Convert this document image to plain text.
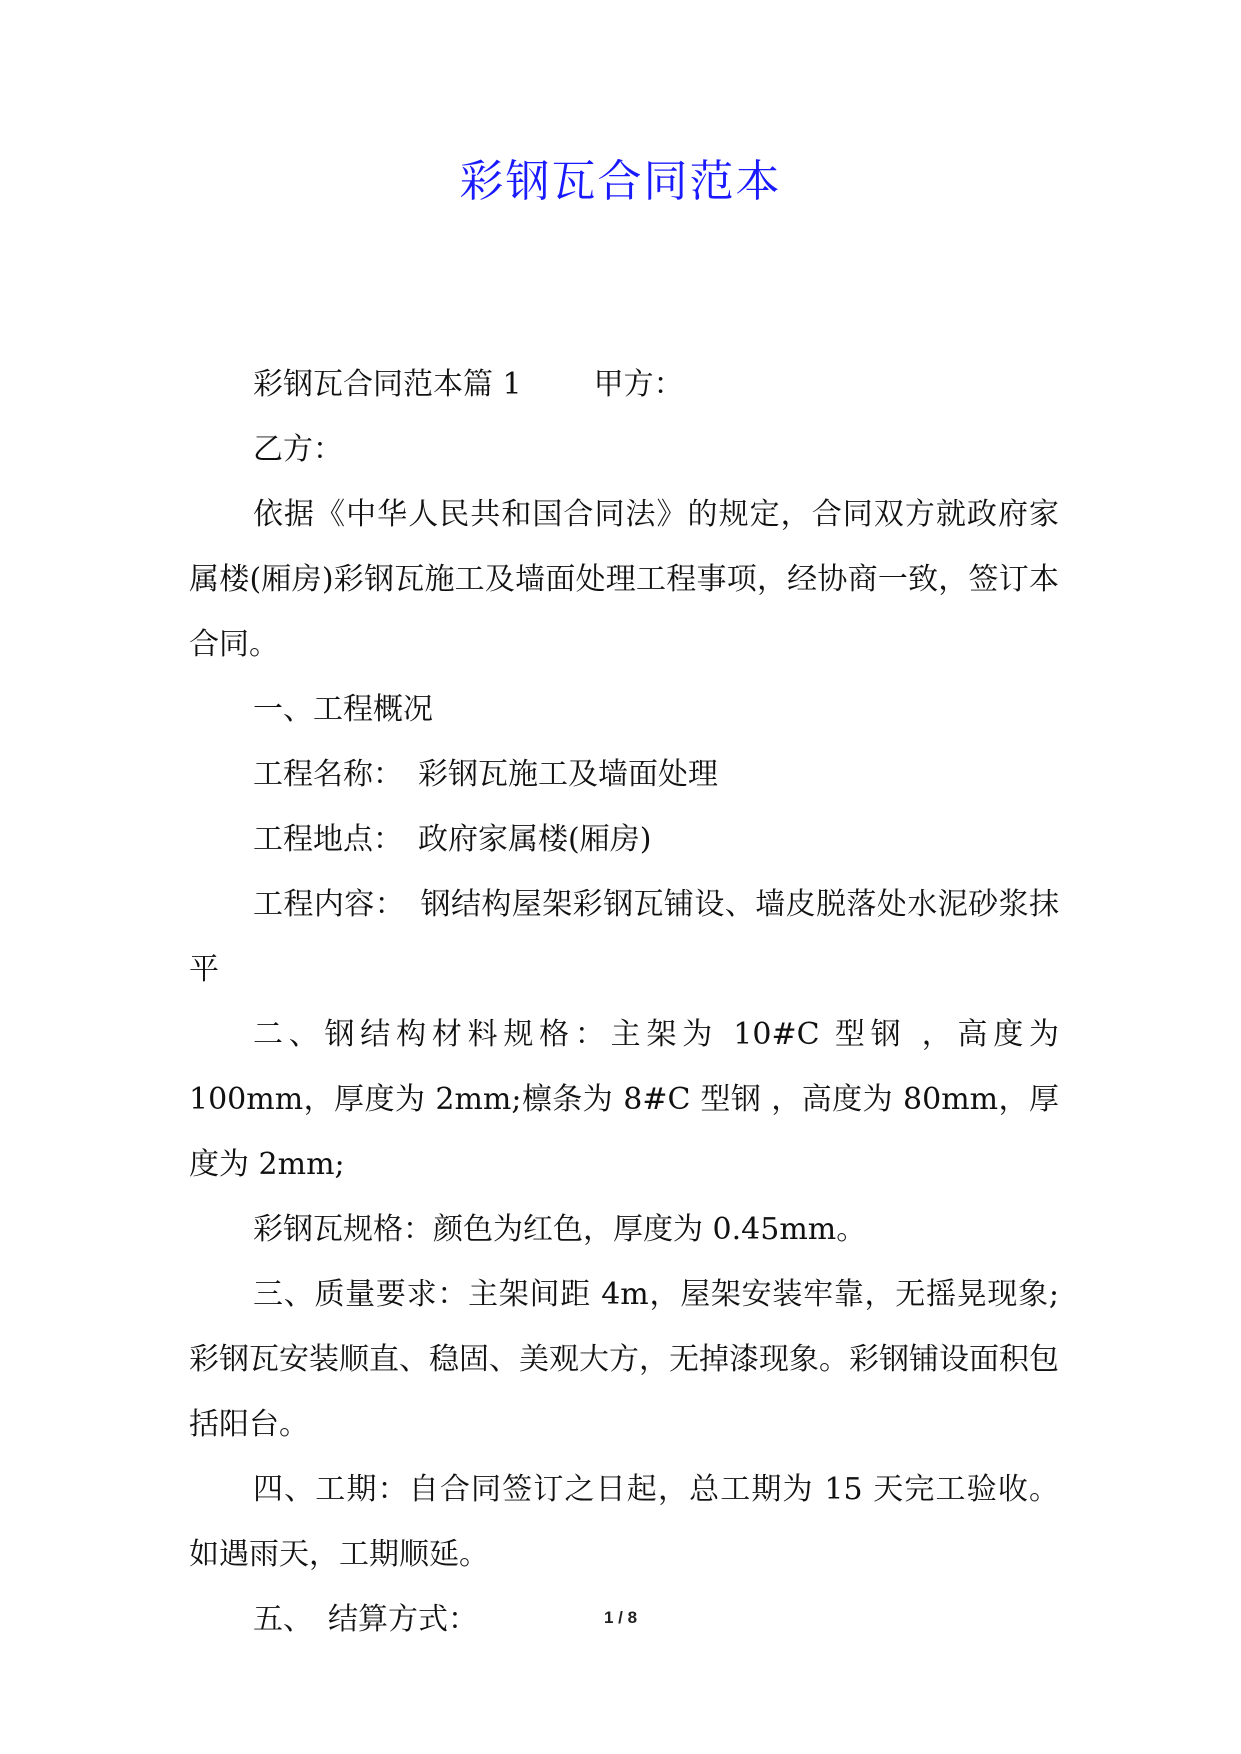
彩钢瓦合同范本

彩钢瓦合同范本篇 1 甲方：

乙方：

依据《中华人民共和国合同法》的规定，合同双方就政府家属楼(厢房)彩钢瓦施工及墙面处理工程事项，经协商一致，签订本合同。

一、工程概况

工程名称：　彩钢瓦施工及墙面处理

工程地点：　政府家属楼(厢房)

工程内容：　钢结构屋架彩钢瓦铺设、墙皮脱落处水泥砂浆抹平

二、钢结构材料规格：主架为 10#C 型钢 ，高度为 100mm，厚度为 2mm;檩条为 8#C 型钢 ，高度为 80mm，厚度为 2mm;

彩钢瓦规格：颜色为红色，厚度为 0.45mm。

三、质量要求：主架间距 4m，屋架安装牢靠，无摇晃现象;彩钢瓦安装顺直、稳固、美观大方，无掉漆现象。彩钢铺设面积包括阳台。

四、工期：自合同签订之日起，总工期为 15 天完工验收。如遇雨天，工期顺延。

五、　结算方式：	1 / 8
